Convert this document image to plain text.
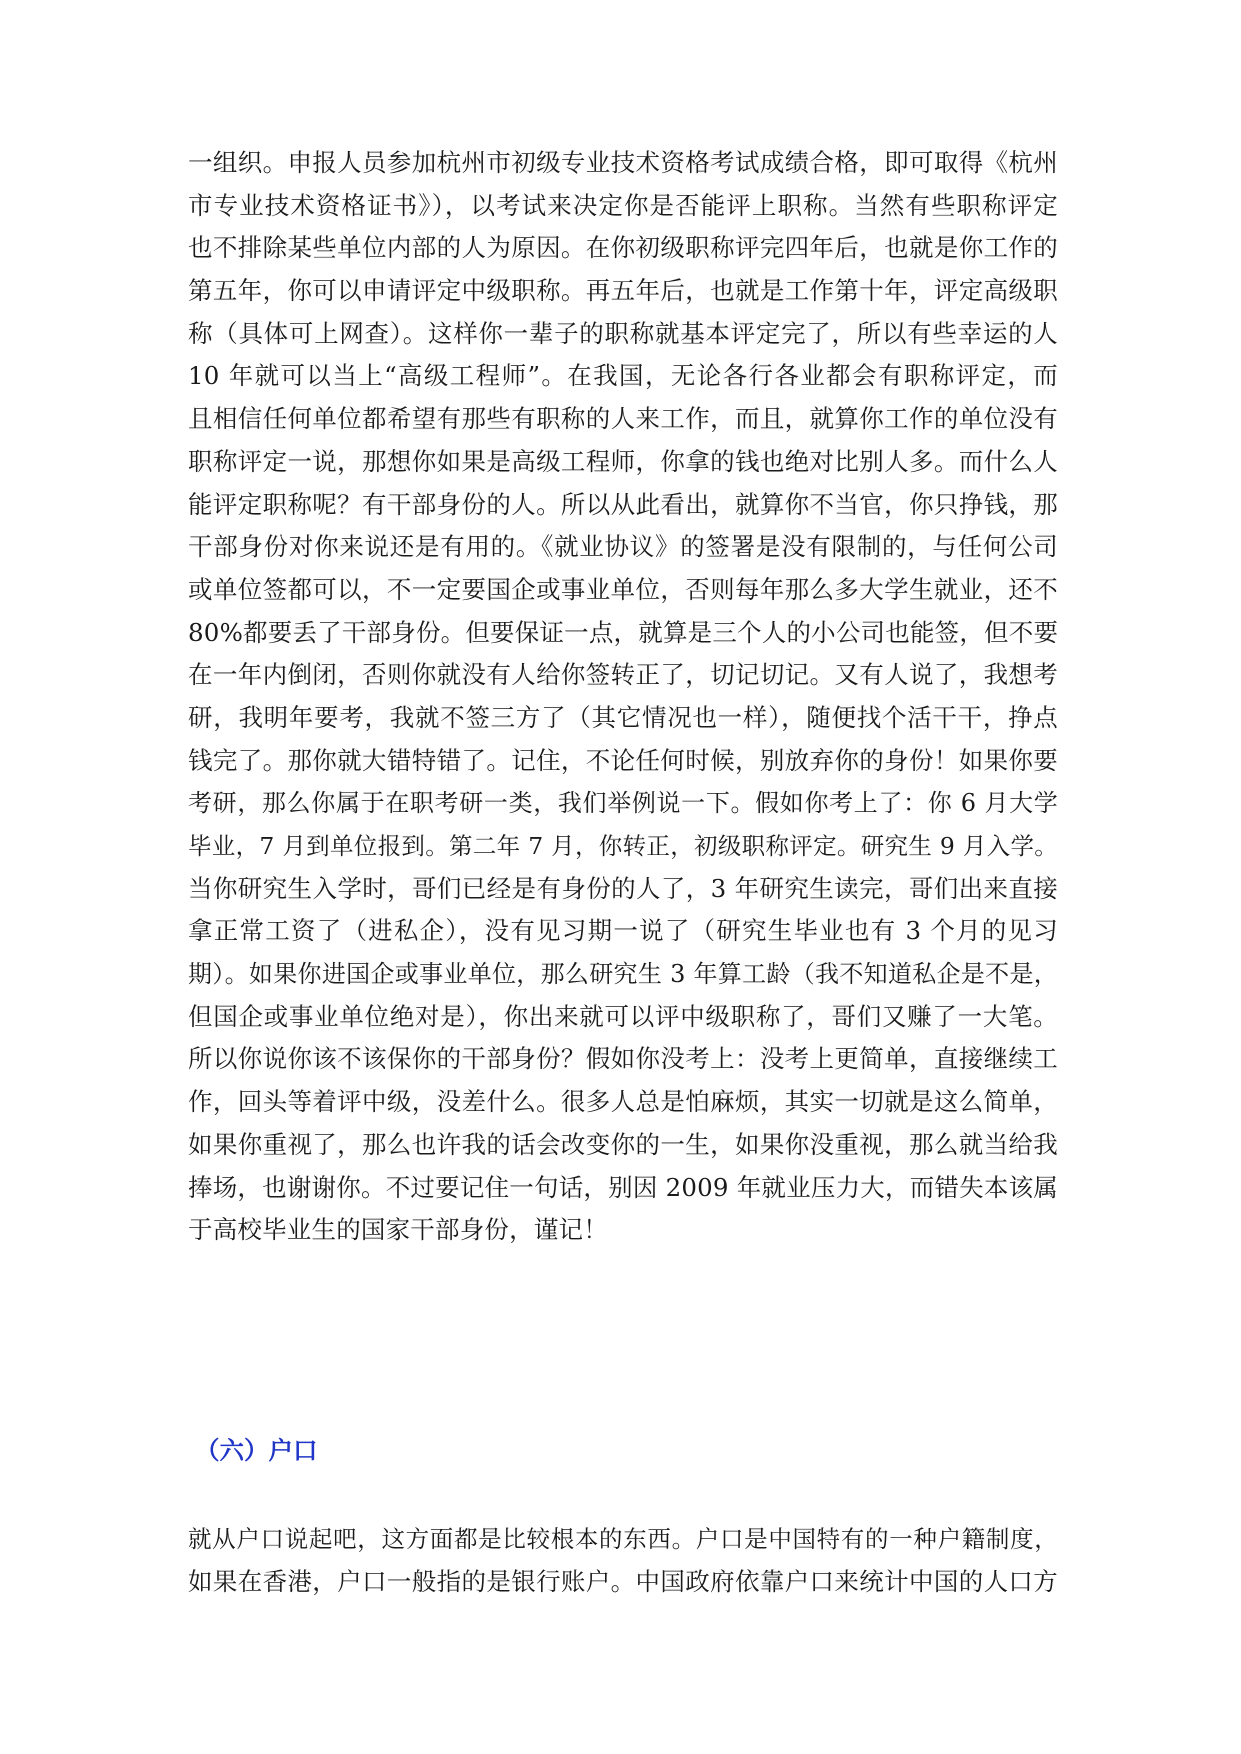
一组织。申报人员参加杭州市初级专业技术资格考试成绩合格，即可取得《杭州
市专业技术资格证书》），以考试来决定你是否能评上职称。当然有些职称评定
也不排除某些单位内部的人为原因。在你初级职称评完四年后，也就是你工作的
第五年，你可以申请评定中级职称。再五年后，也就是工作第十年，评定高级职
称（具体可上网查）。这样你一辈子的职称就基本评定完了，所以有些幸运的人
10 年就可以当上“高级工程师”。在我国，无论各行各业都会有职称评定，而
且相信任何单位都希望有那些有职称的人来工作，而且，就算你工作的单位没有
职称评定一说，那想你如果是高级工程师，你拿的钱也绝对比别人多。而什么人
能评定职称呢？有干部身份的人。所以从此看出，就算你不当官，你只挣钱，那
干部身份对你来说还是有用的。《就业协议》的签署是没有限制的，与任何公司
或单位签都可以，不一定要国企或事业单位，否则每年那么多大学生就业，还不
80%都要丢了干部身份。但要保证一点，就算是三个人的小公司也能签，但不要
在一年内倒闭，否则你就没有人给你签转正了，切记切记。又有人说了，我想考
研，我明年要考，我就不签三方了（其它情况也一样），随便找个活干干，挣点
钱完了。那你就大错特错了。记住，不论任何时候，别放弃你的身份！如果你要
考研，那么你属于在职考研一类，我们举例说一下。假如你考上了：你 6 月大学
毕业，7 月到单位报到。第二年 7 月，你转正，初级职称评定。研究生 9 月入学。
当你研究生入学时，哥们已经是有身份的人了，3 年研究生读完，哥们出来直接
拿正常工资了（进私企），没有见习期一说了（研究生毕业也有 3 个月的见习
期）。如果你进国企或事业单位，那么研究生 3 年算工龄（我不知道私企是不是，
但国企或事业单位绝对是），你出来就可以评中级职称了，哥们又赚了一大笔。
所以你说你该不该保你的干部身份？假如你没考上：没考上更简单，直接继续工
作，回头等着评中级，没差什么。很多人总是怕麻烦，其实一切就是这么简单，
如果你重视了，那么也许我的话会改变你的一生，如果你没重视，那么就当给我
捧场，也谢谢你。不过要记住一句话，别因 2009 年就业压力大，而错失本该属
于高校毕业生的国家干部身份，谨记！
（六）户口
就从户口说起吧，这方面都是比较根本的东西。户口是中国特有的一种户籍制度，
如果在香港，户口一般指的是银行账户。中国政府依靠户口来统计中国的人口方
